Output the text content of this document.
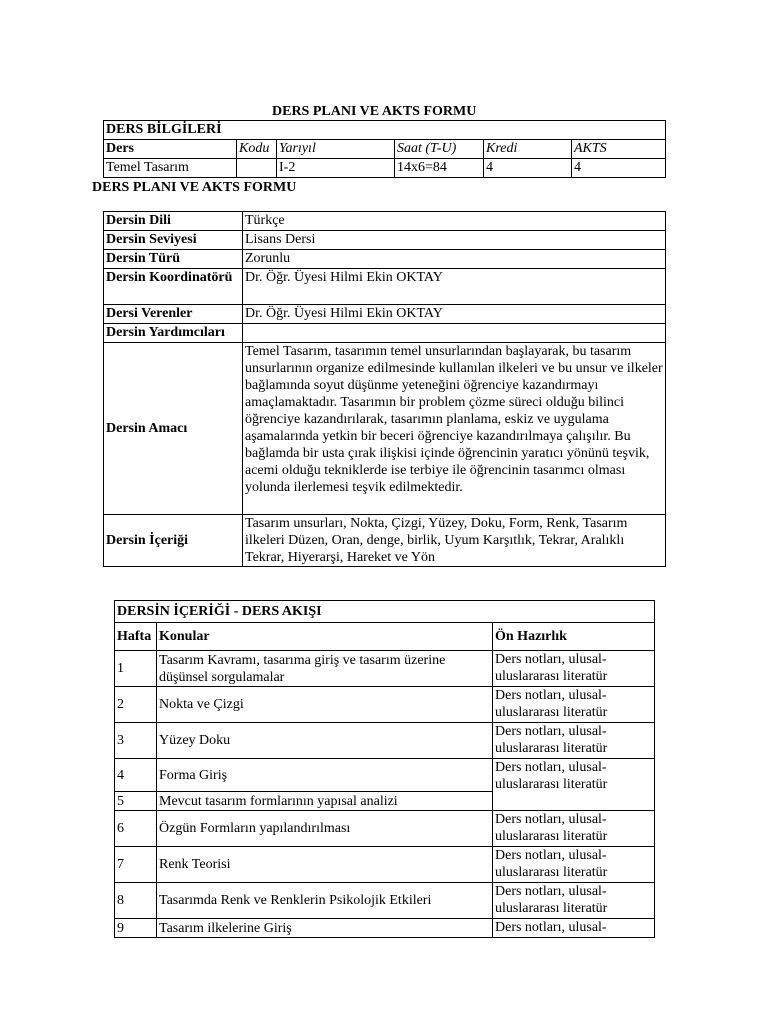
DERS PLANI VE AKTS FORMU
DERS BİLGİLERİ					
Ders	Kodu	Yarıyıl	Saat (T-U)	Kredi	AKTS
Temel Tasarım		I-2	14x6=84	4	4
DERS PLANI VE AKTS FORMU
Dersin Dili	Türkçe
Dersin Seviyesi	Lisans Dersi
Dersin Türü	Zorunlu
Dersin Koordinatörü	Dr. Öğr. Üyesi Hilmi Ekin OKTAY
Dersi Verenler	Dr. Öğr. Üyesi Hilmi Ekin OKTAY
Dersin Yardımcıları	
Dersin Amacı	Temel Tasarım, tasarımın temel unsurlarından başlayarak, bu tasarım unsurlarının organize edilmesinde kullanılan ilkeleri ve bu unsur ve ilkeler bağlamında soyut düşünme yeteneğini öğrenciye kazandırmayı amaçlamaktadır. Tasarımın bir problem çözme süreci olduğu bilinci öğrenciye kazandırılarak, tasarımın planlama, eskiz ve uygulama aşamalarında yetkin bir beceri öğrenciye kazandırılmaya çalışılır. Bu bağlamda bir usta çırak ilişkisi içinde öğrencinin yaratıcı yönünü teşvik, acemi olduğu tekniklerde ise terbiye ile öğrencinin tasarımcı olması yolunda ilerlemesi teşvik edilmektedir.
Dersin İçeriği	Tasarım unsurları, Nokta, Çizgi, Yüzey, Doku, Form, Renk, Tasarım ilkeleri Düzen, Oran, denge, birlik, Uyum Karşıtlık, Tekrar, Aralıklı Tekrar, Hiyerarşi, Hareket ve Yön
DERSİN İÇERİĞİ - DERS AKIŞI		
Hafta	Konular	Ön Hazırlık
1	Tasarım Kavramı, tasarıma giriş ve tasarım üzerine düşünsel sorgulamalar	Ders notları, ulusal-uluslararası literatür
2	Nokta ve Çizgi	Ders notları, ulusal-uluslararası literatür
3	Yüzey Doku	Ders notları, ulusal-uluslararası literatür
4	Forma Giriş	Ders notları, ulusal-uluslararası literatür
5	Mevcut tasarım formlarının yapısal analizi	
6	Özgün Formların yapılandırılması	Ders notları, ulusal-uluslararası literatür
7	Renk Teorisi	Ders notları, ulusal-uluslararası literatür
8	Tasarımda Renk ve Renklerin Psikolojik Etkileri	Ders notları, ulusal-uluslararası literatür
9	Tasarım ilkelerine Giriş	Ders notları, ulusal-
